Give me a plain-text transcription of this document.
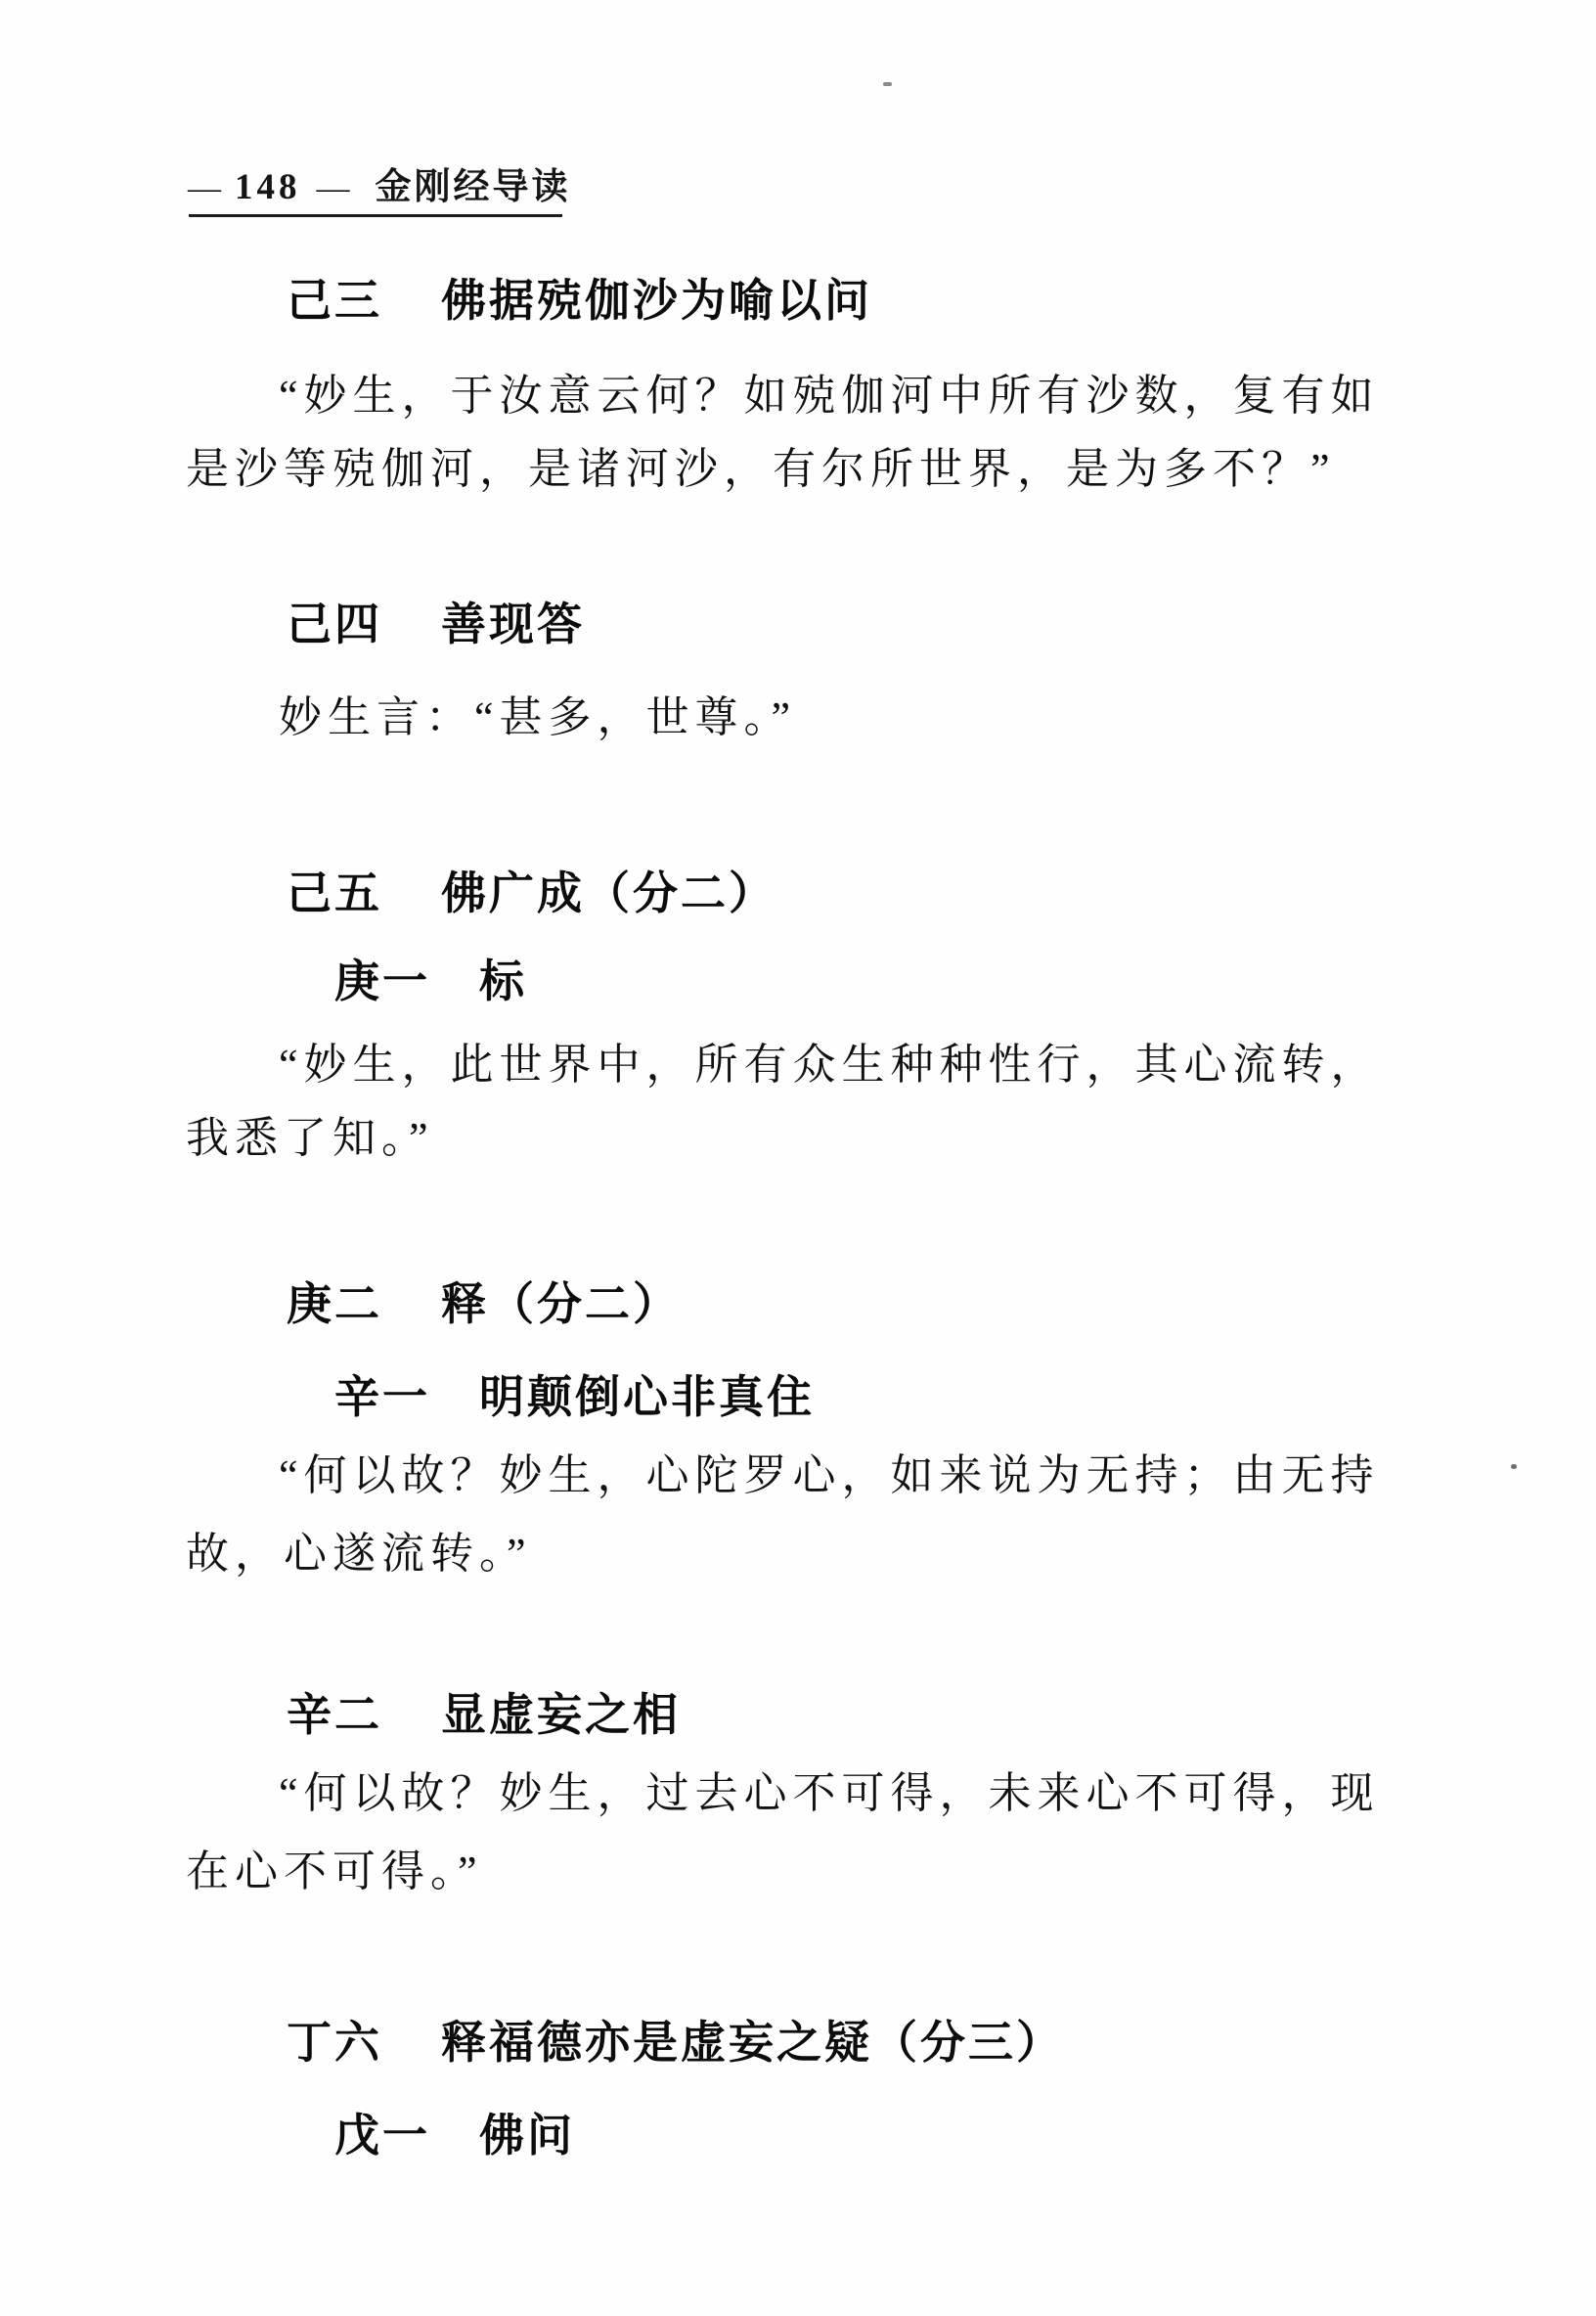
— 148 — 金刚经导读
己三 佛据殑伽沙为喻以问
“妙生，于汝意云何？如殑伽河中所有沙数，复有如
是沙等殑伽河，是诸河沙，有尔所世界，是为多不？”
己四 善现答
妙生言：“甚多，世尊。”
己五 佛广成（分二）
庚一 标
“妙生，此世界中，所有众生种种性行，其心流转，
我悉了知。”
庚二 释（分二）
辛一 明颠倒心非真住
“何以故？妙生，心陀罗心，如来说为无持；由无持
故，心遂流转。”
辛二 显虚妄之相
“何以故？妙生，过去心不可得，未来心不可得，现
在心不可得。”
丁六 释福德亦是虚妄之疑（分三）
戊一 佛问
